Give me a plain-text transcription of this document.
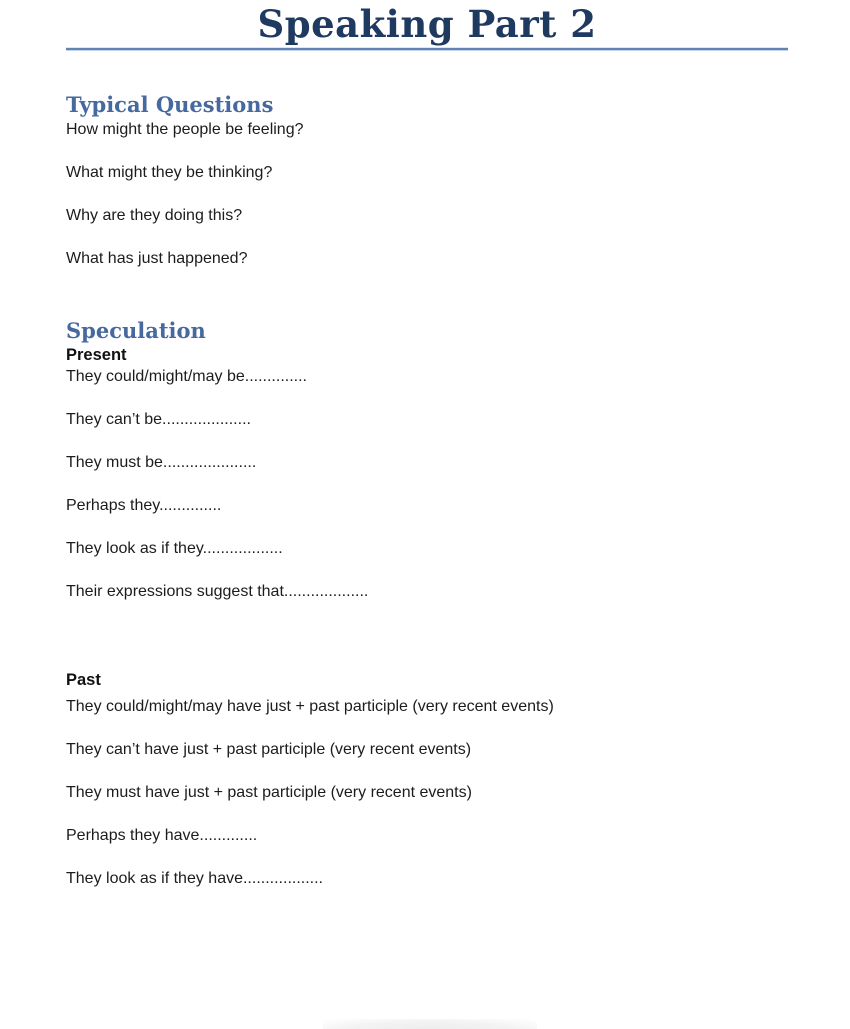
Speaking Part 2
Typical Questions

How might the people be feeling?

What might they be thinking?

Why are they doing this?

What has just happened?

Speculation
Present

They could/might/may be..............

They can’t be....................

They must be.....................

Perhaps they..............

They look as if they..................

Their expressions suggest that...................

Past

They could/might/may have just + past participle (very recent events)

They can’t have just + past participle (very recent events)

They must have just + past participle (very recent events)

Perhaps they have.............

They look as if they have..................
